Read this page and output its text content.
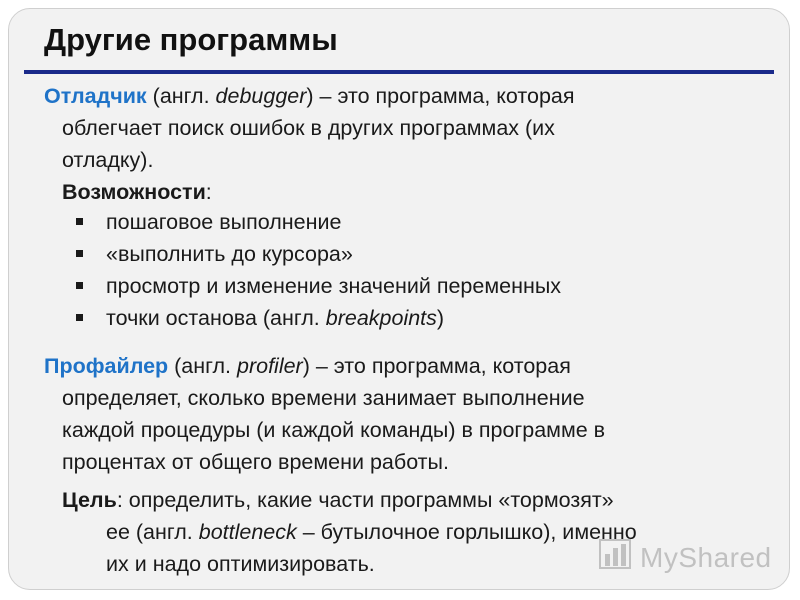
Другие программы
Отладчик (англ. debugger) – это программа, которая
облегчает поиск ошибок в других программах (их
отладку).
Возможности:
пошаговое выполнение
«выполнить до курсора»
просмотр и изменение значений переменных
точки останова (англ. breakpoints)
Профайлер (англ. profiler) – это программа, которая
определяет, сколько времени занимает выполнение
каждой процедуры (и каждой команды) в программе в
процентах от общего времени работы.
Цель: определить, какие части программы «тормозят»
ее (англ. bottleneck – бутылочное горлышко), именно
их и надо оптимизировать.	MyShared
